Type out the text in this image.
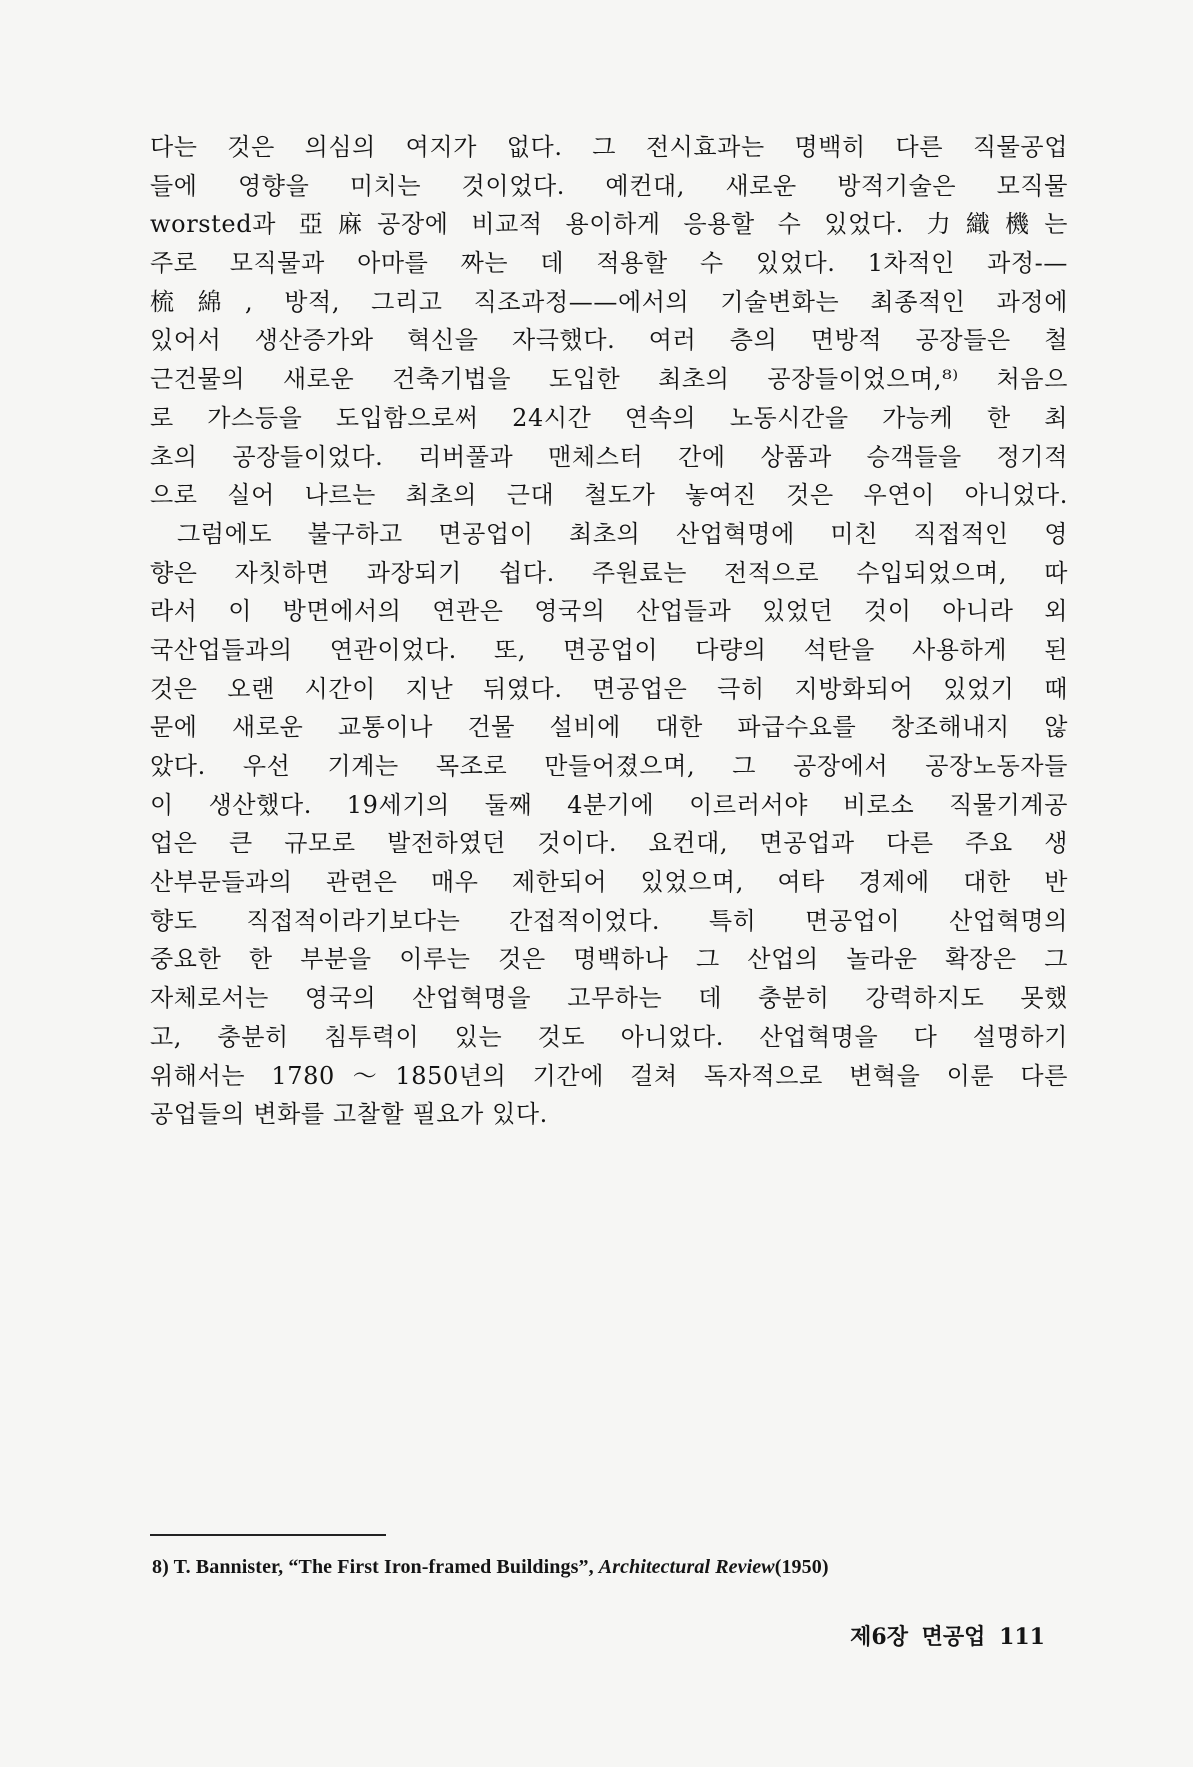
다는 것은 의심의 여지가 없다. 그 전시효과는 명백히 다른 직물공업
들에 영향을 미치는 것이었다. 예컨대, 새로운 방적기술은 모직물
worsted과 亞麻공장에 비교적 용이하게 응용할 수 있었다. 力織機는
주로 모직물과 아마를 짜는 데 적용할 수 있었다. 1차적인 과정-—
梳綿, 방적, 그리고 직조과정——에서의 기술변화는 최종적인 과정에
있어서 생산증가와 혁신을 자극했다. 여러 층의 면방적 공장들은 철
근건물의 새로운 건축기법을 도입한 최초의 공장들이었으며,⁸⁾ 처음으
로 가스등을 도입함으로써 24시간 연속의 노동시간을 가능케 한 최
초의 공장들이었다. 리버풀과 맨체스터 간에 상품과 승객들을 정기적
으로 실어 나르는 최초의 근대 철도가 놓여진 것은 우연이 아니었다.
그럼에도 불구하고 면공업이 최초의 산업혁명에 미친 직접적인 영
향은 자칫하면 과장되기 쉽다. 주원료는 전적으로 수입되었으며, 따
라서 이 방면에서의 연관은 영국의 산업들과 있었던 것이 아니라 외
국산업들과의 연관이었다. 또, 면공업이 다량의 석탄을 사용하게 된
것은 오랜 시간이 지난 뒤였다. 면공업은 극히 지방화되어 있었기 때
문에 새로운 교통이나 건물 설비에 대한 파급수요를 창조해내지 않
았다. 우선 기계는 목조로 만들어졌으며, 그 공장에서 공장노동자들
이 생산했다. 19세기의 둘째 4분기에 이르러서야 비로소 직물기계공
업은 큰 규모로 발전하였던 것이다. 요컨대, 면공업과 다른 주요 생
산부문들과의 관련은 매우 제한되어 있었으며, 여타 경제에 대한 반
향도 직접적이라기보다는 간접적이었다. 특히 면공업이 산업혁명의
중요한 한 부분을 이루는 것은 명백하나 그 산업의 놀라운 확장은 그
자체로서는 영국의 산업혁명을 고무하는 데 충분히 강력하지도 못했
고, 충분히 침투력이 있는 것도 아니었다. 산업혁명을 다 설명하기
위해서는 1780～1850년의 기간에 걸쳐 독자적으로 변혁을 이룬 다른
공업들의 변화를 고찰할 필요가 있다.
8) T. Bannister, “The First Iron-framed Buildings”, Architectural Review(1950)
제6장 면공업 111
